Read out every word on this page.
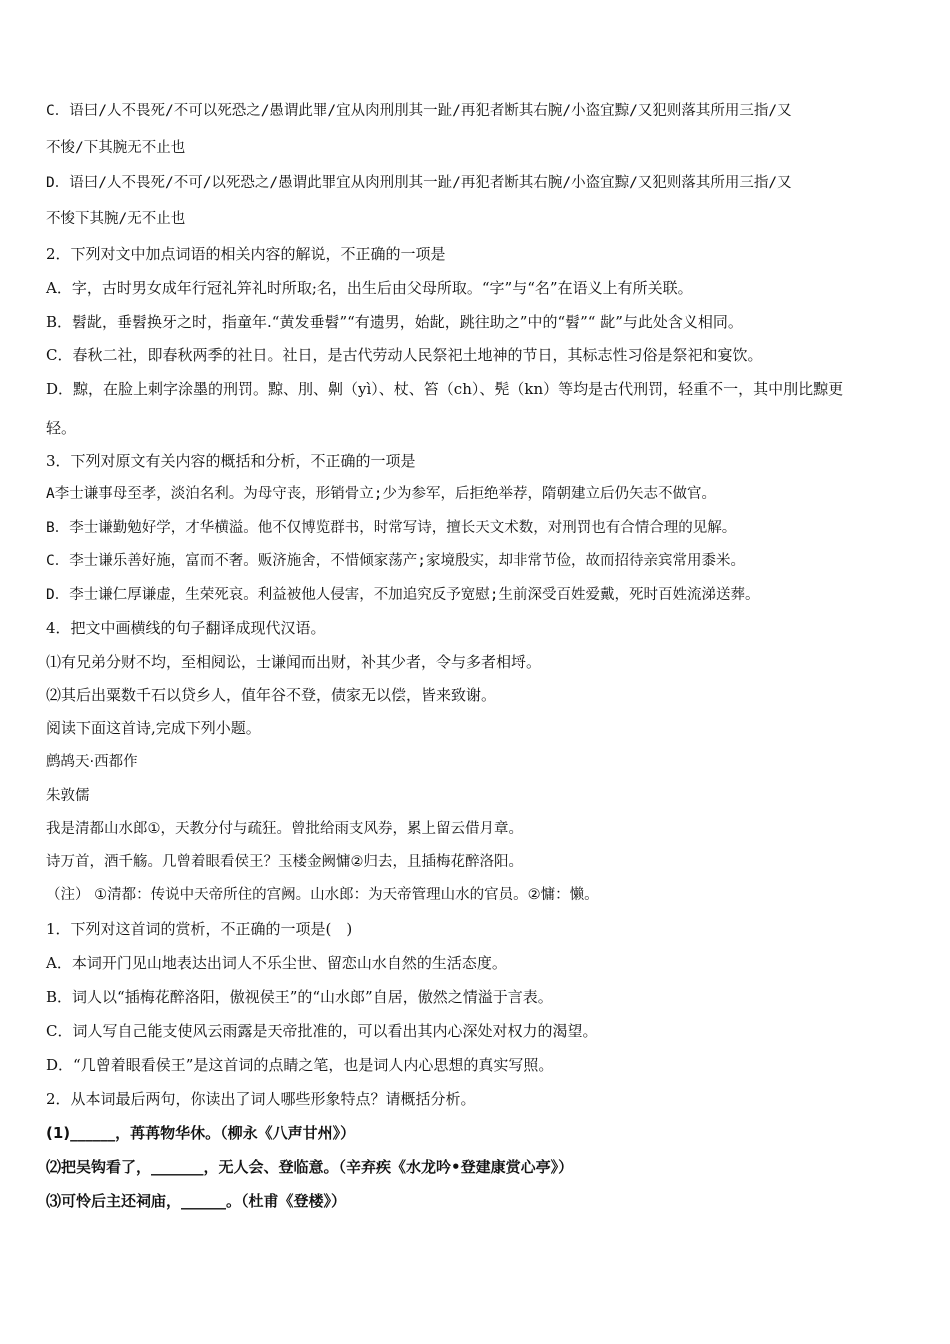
C．语曰/人不畏死/不可以死恐之/愚谓此罪/宜从肉刑刖其一趾/再犯者断其右腕/小盗宜黥/又犯则落其所用三指/又
不悛/下其腕无不止也
D．语曰/人不畏死/不可/以死恐之/愚谓此罪宜从肉刑刖其一趾/再犯者断其右腕/小盗宜黥/又犯则落其所用三指/又
不悛下其腕/无不止也
2．下列对文中加点词语的相关内容的解说，不正确的一项是
A．字，古时男女成年行冠礼笄礼时所取;名，出生后由父母所取。“字”与“名”在语义上有所关联。
B．髫龀，垂髫换牙之时，指童年.“黄发垂髫”“有遗男，始龀，跳往助之”中的“髫”“ 龀”与此处含义相同。
C．春秋二社，即春秋两季的社日。社日，是古代劳动人民祭祀土地神的节日，其标志性习俗是祭祀和宴饮。
D．黥，在脸上刺字涂墨的刑罚。黥、刖、劓（yì）、杖、笞（ch）、髡（kn）等均是古代刑罚，轻重不一，其中刖比黥更
轻。
3．下列对原文有关内容的概括和分析，不正确的一项是
A李士谦事母至孝，淡泊名利。为母守丧，形销骨立;少为参军，后拒绝举荐，隋朝建立后仍矢志不做官。
B．李士谦勤勉好学，才华横溢。他不仅博览群书，时常写诗，擅长天文术数，对刑罚也有合情合理的见解。
C．李士谦乐善好施，富而不奢。贩济施舍，不惜倾家荡产;家境殷实，却非常节俭，故而招待亲宾常用黍米。
D．李士谦仁厚谦虚，生荣死哀。利益被他人侵害，不加追究反予宽慰;生前深受百姓爱戴，死时百姓流涕送葬。
4．把文中画横线的句子翻译成现代汉语。
⑴有兄弟分财不均，至相阋讼，士谦闻而出财，补其少者，令与多者相埒。
⑵其后出粟数千石以贷乡人，值年谷不登，债家无以偿，皆来致谢。
阅读下面这首诗,完成下列小题。
鹧鸪天·西都作
朱敦儒
我是清都山水郎①，天教分付与疏狂。曾批给雨支风券，累上留云借月章。
诗万首，酒千觞。几曾着眼看侯王？玉楼金阙慵②归去，且插梅花醉洛阳。
（注） ①清都：传说中天帝所住的宫阙。山水郎：为天帝管理山水的官员。②慵：懒。
1．下列对这首词的赏析，不正确的一项是(　)
A．本词开门见山地表达出词人不乐尘世、留恋山水自然的生活态度。
B．词人以“插梅花醉洛阳，傲视侯王”的“山水郎”自居，傲然之情溢于言表。
C．词人写自己能支使风云雨露是天帝批准的，可以看出其内心深处对权力的渴望。
D．“几曾着眼看侯王”是这首词的点睛之笔，也是词人内心思想的真实写照。
2．从本词最后两句，你读出了词人哪些形象特点？请概括分析。
(1)______，苒苒物华休。（柳永《八声甘州》）
⑵把吴钩看了，_______，无人会、登临意。（辛弃疾《水龙吟•登建康赏心亭》）
⑶可怜后主还祠庙，______。（杜甫《登楼》）
